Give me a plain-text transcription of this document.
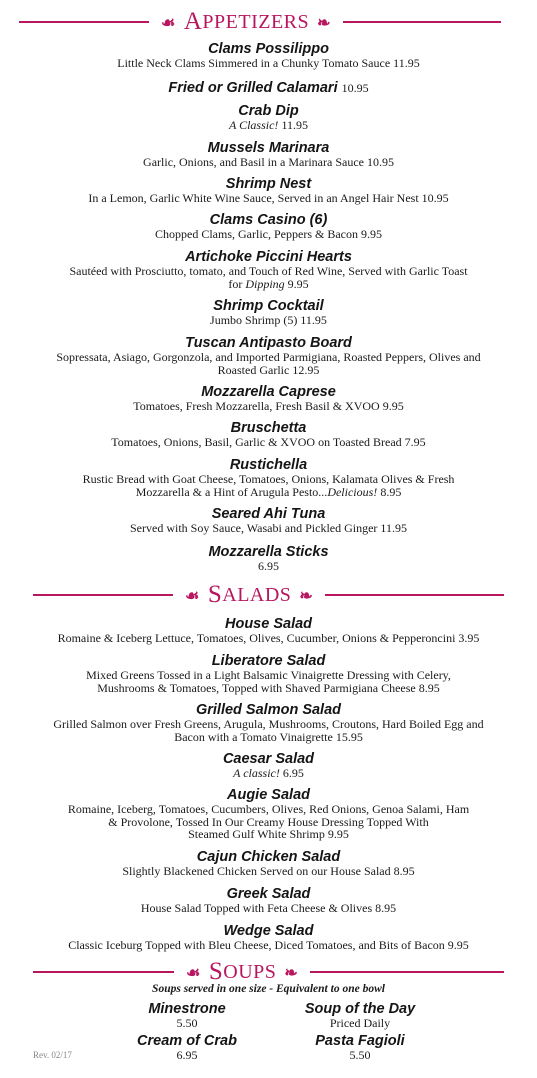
☙ A PPETIZERS ❧
Clams Possilippo
Little Neck Clams Simmered in a Chunky Tomato Sauce 11.95
Fried or Grilled Calamari 10.95
Crab Dip
A Classic! 11.95
Mussels Marinara
Garlic, Onions, and Basil in a Marinara Sauce 10.95
Shrimp Nest
In a Lemon, Garlic White Wine Sauce, Served in an Angel Hair Nest 10.95
Clams Casino (6)
Chopped Clams, Garlic, Peppers & Bacon 9.95
Artichoke Piccini Hearts
Sautéed with Prosciutto, tomato, and Touch of Red Wine, Served with Garlic Toast
for Dipping 9.95
Shrimp Cocktail
Jumbo Shrimp (5) 11.95
Tuscan Antipasto Board
Sopressata, Asiago, Gorgonzola, and Imported Parmigiana, Roasted Peppers, Olives and
Roasted Garlic 12.95
Mozzarella Caprese
Tomatoes, Fresh Mozzarella, Fresh Basil & XVOO 9.95
Bruschetta
Tomatoes, Onions, Basil, Garlic & XVOO on Toasted Bread 7.95
Rustichella
Rustic Bread with Goat Cheese, Tomatoes, Onions, Kalamata Olives & Fresh
Mozzarella & a Hint of Arugula Pesto...Delicious! 8.95
Seared Ahi Tuna
Served with Soy Sauce, Wasabi and Pickled Ginger 11.95
Mozzarella Sticks
6.95
☙ S ALADS ❧
House Salad
Romaine & Iceberg Lettuce, Tomatoes, Olives, Cucumber, Onions & Pepperoncini 3.95
Liberatore Salad
Mixed Greens Tossed in a Light Balsamic Vinaigrette Dressing with Celery,
Mushrooms & Tomatoes, Topped with Shaved Parmigiana Cheese 8.95
Grilled Salmon Salad
Grilled Salmon over Fresh Greens, Arugula, Mushrooms, Croutons, Hard Boiled Egg and
Bacon with a Tomato Vinaigrette 15.95
Caesar Salad
A classic! 6.95
Augie Salad
Romaine, Iceberg, Tomatoes, Cucumbers, Olives, Red Onions, Genoa Salami, Ham
& Provolone, Tossed In Our Creamy House Dressing Topped With
Steamed Gulf White Shrimp 9.95
Cajun Chicken Salad
Slightly Blackened Chicken Served on our House Salad 8.95
Greek Salad
House Salad Topped with Feta Cheese & Olives 8.95
Wedge Salad
Classic Iceburg Topped with Bleu Cheese, Diced Tomatoes, and Bits of Bacon 9.95
☙ S OUPS ❧
Soups served in one size - Equivalent to one bowl
Minestrone
5.50
Soup of the Day
Priced Daily
Cream of Crab
6.95
Pasta Fagioli
5.50
Rev. 02/17
